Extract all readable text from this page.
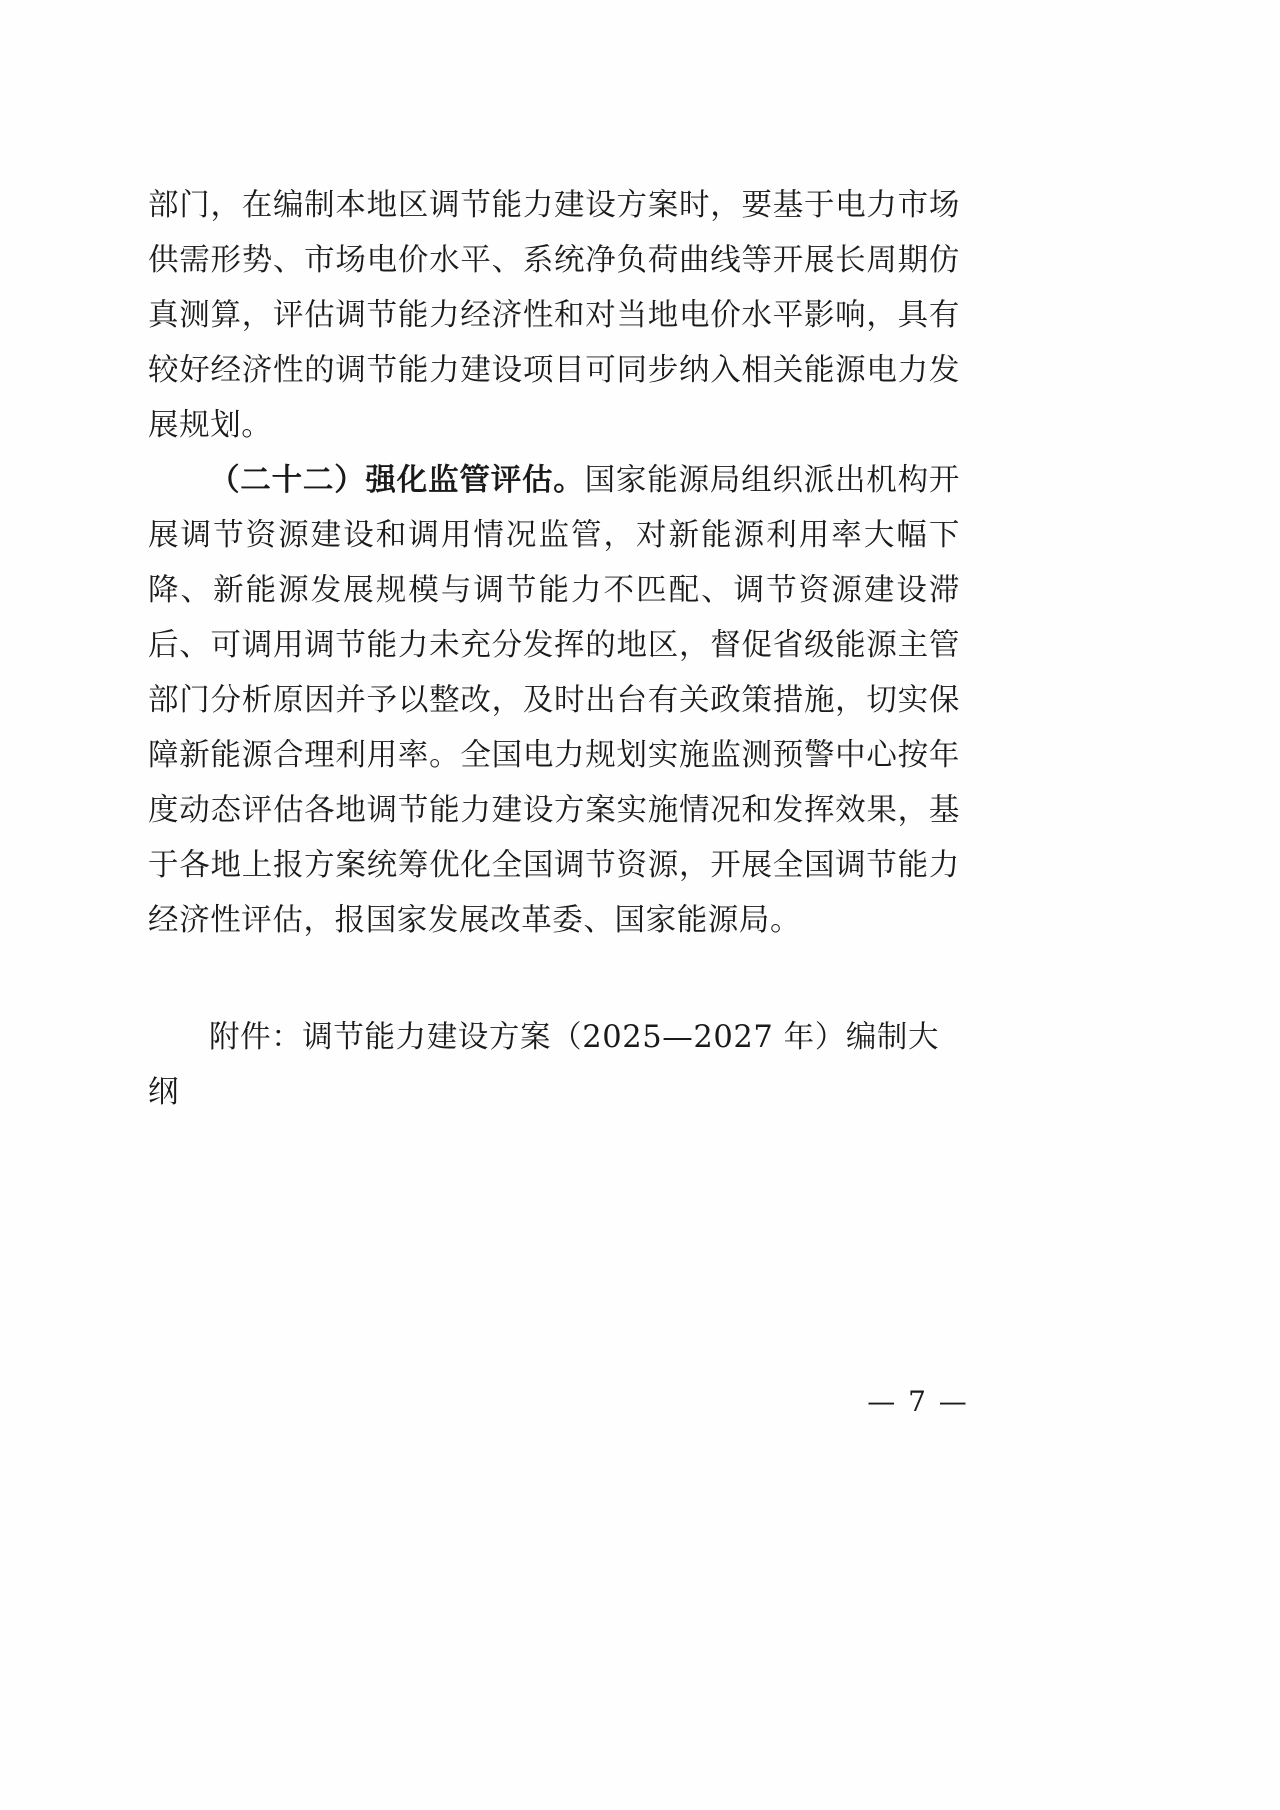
部门，在编制本地区调节能力建设方案时，要基于电力市场供需形势、市场电价水平、系统净负荷曲线等开展长周期仿真测算，评估调节能力经济性和对当地电价水平影响，具有较好经济性的调节能力建设项目可同步纳入相关能源电力发展规划。

（二十二）强化监管评估。国家能源局组织派出机构开展调节资源建设和调用情况监管，对新能源利用率大幅下降、新能源发展规模与调节能力不匹配、调节资源建设滞后、可调用调节能力未充分发挥的地区，督促省级能源主管部门分析原因并予以整改，及时出台有关政策措施，切实保障新能源合理利用率。全国电力规划实施监测预警中心按年度动态评估各地调节能力建设方案实施情况和发挥效果，基于各地上报方案统筹优化全国调节资源，开展全国调节能力经济性评估，报国家发展改革委、国家能源局。

附件：调节能力建设方案（2025—2027 年）编制大纲

— 7 —
